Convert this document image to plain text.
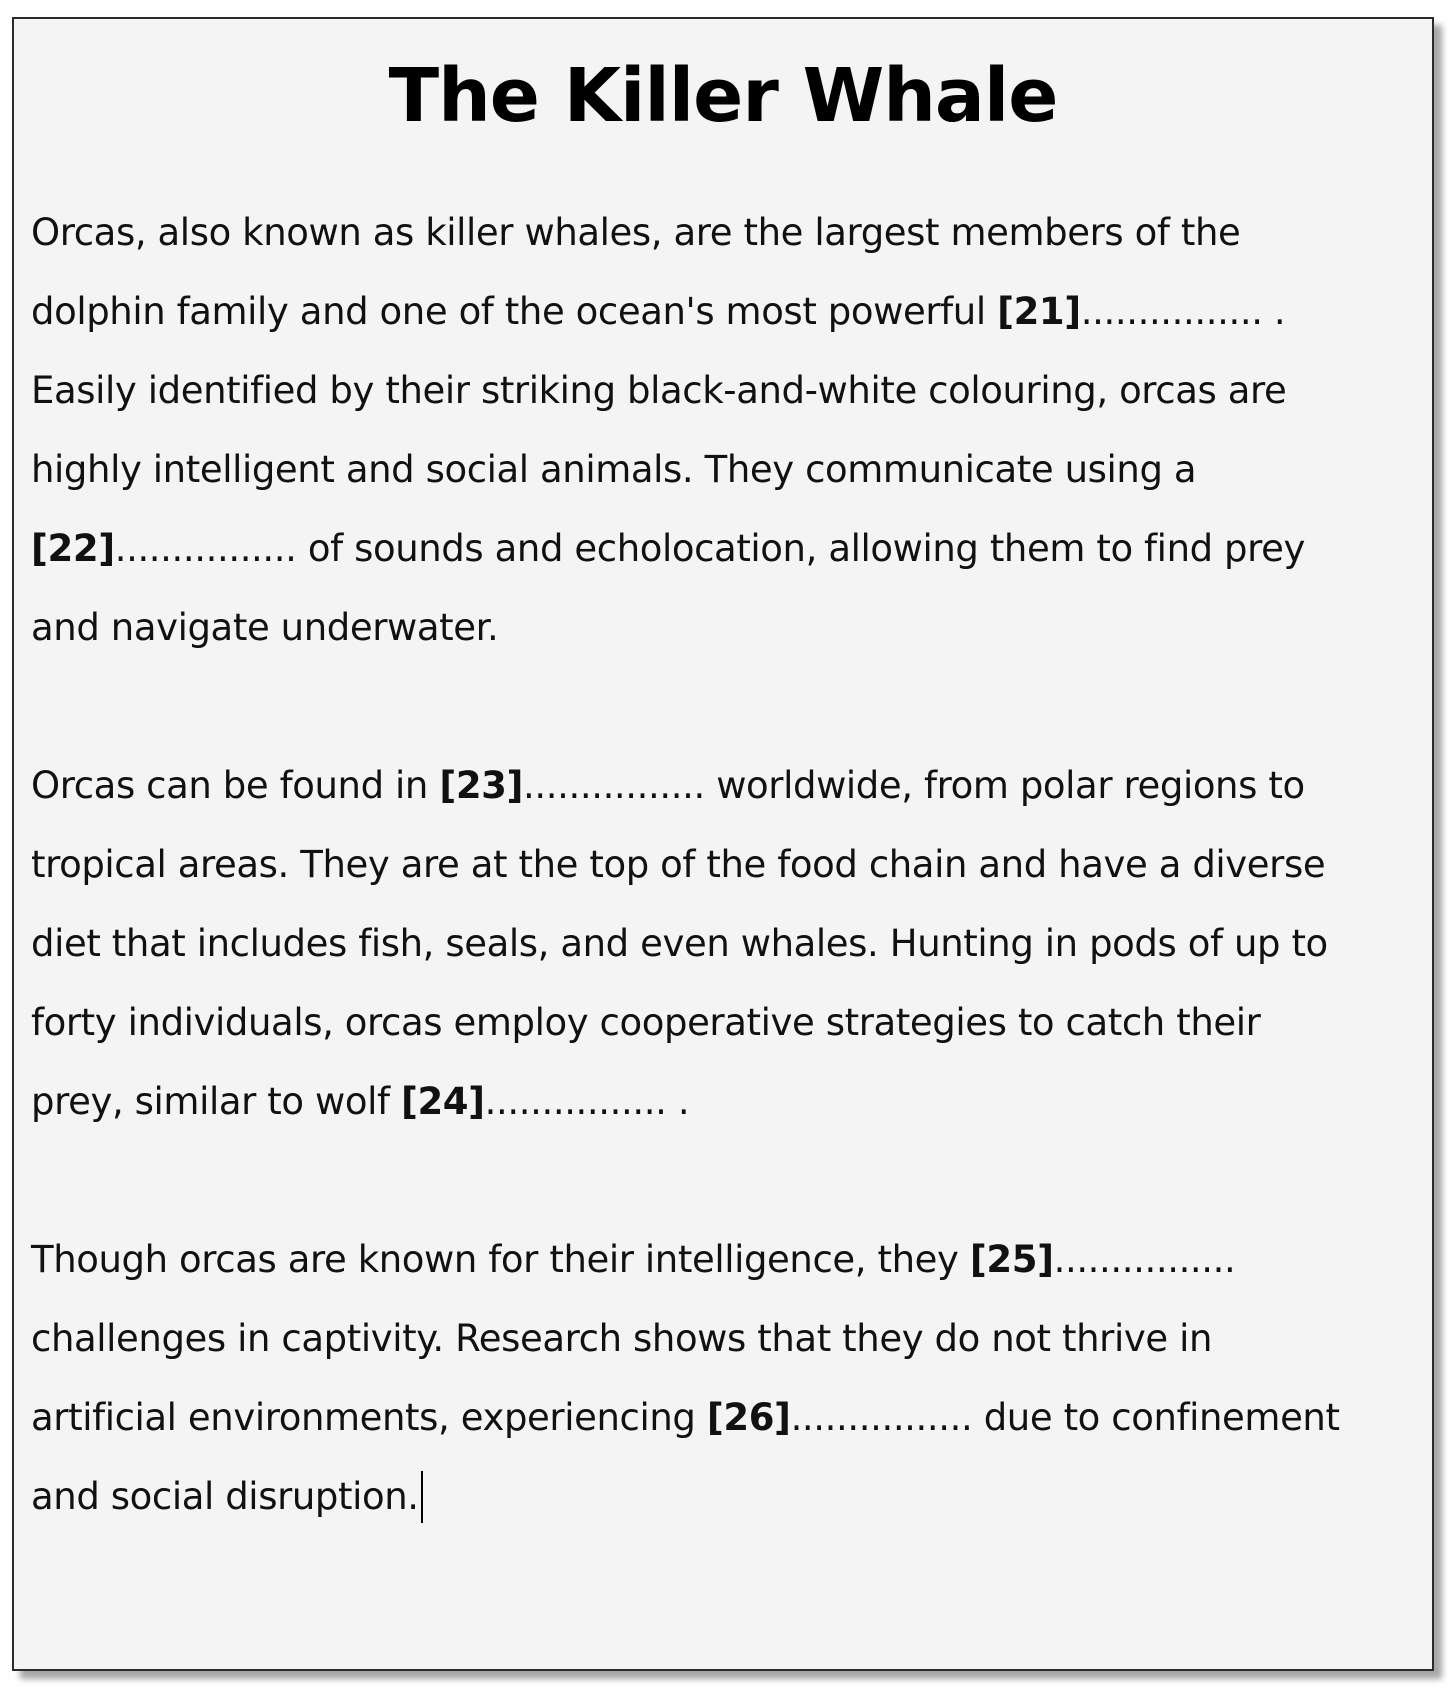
The Killer Whale
Orcas, also known as killer whales, are the largest members of the
dolphin family and one of the ocean's most powerful [21]................ .
Easily identified by their striking black-and-white colouring, orcas are
highly intelligent and social animals. They communicate using a
[22]................ of sounds and echolocation, allowing them to find prey
and navigate underwater.
Orcas can be found in [23]................ worldwide, from polar regions to
tropical areas. They are at the top of the food chain and have a diverse
diet that includes fish, seals, and even whales. Hunting in pods of up to
forty individuals, orcas employ cooperative strategies to catch their
prey, similar to wolf [24]................ .
Though orcas are known for their intelligence, they [25]................
challenges in captivity. Research shows that they do not thrive in
artificial environments, experiencing [26]................ due to confinement
and social disruption.
